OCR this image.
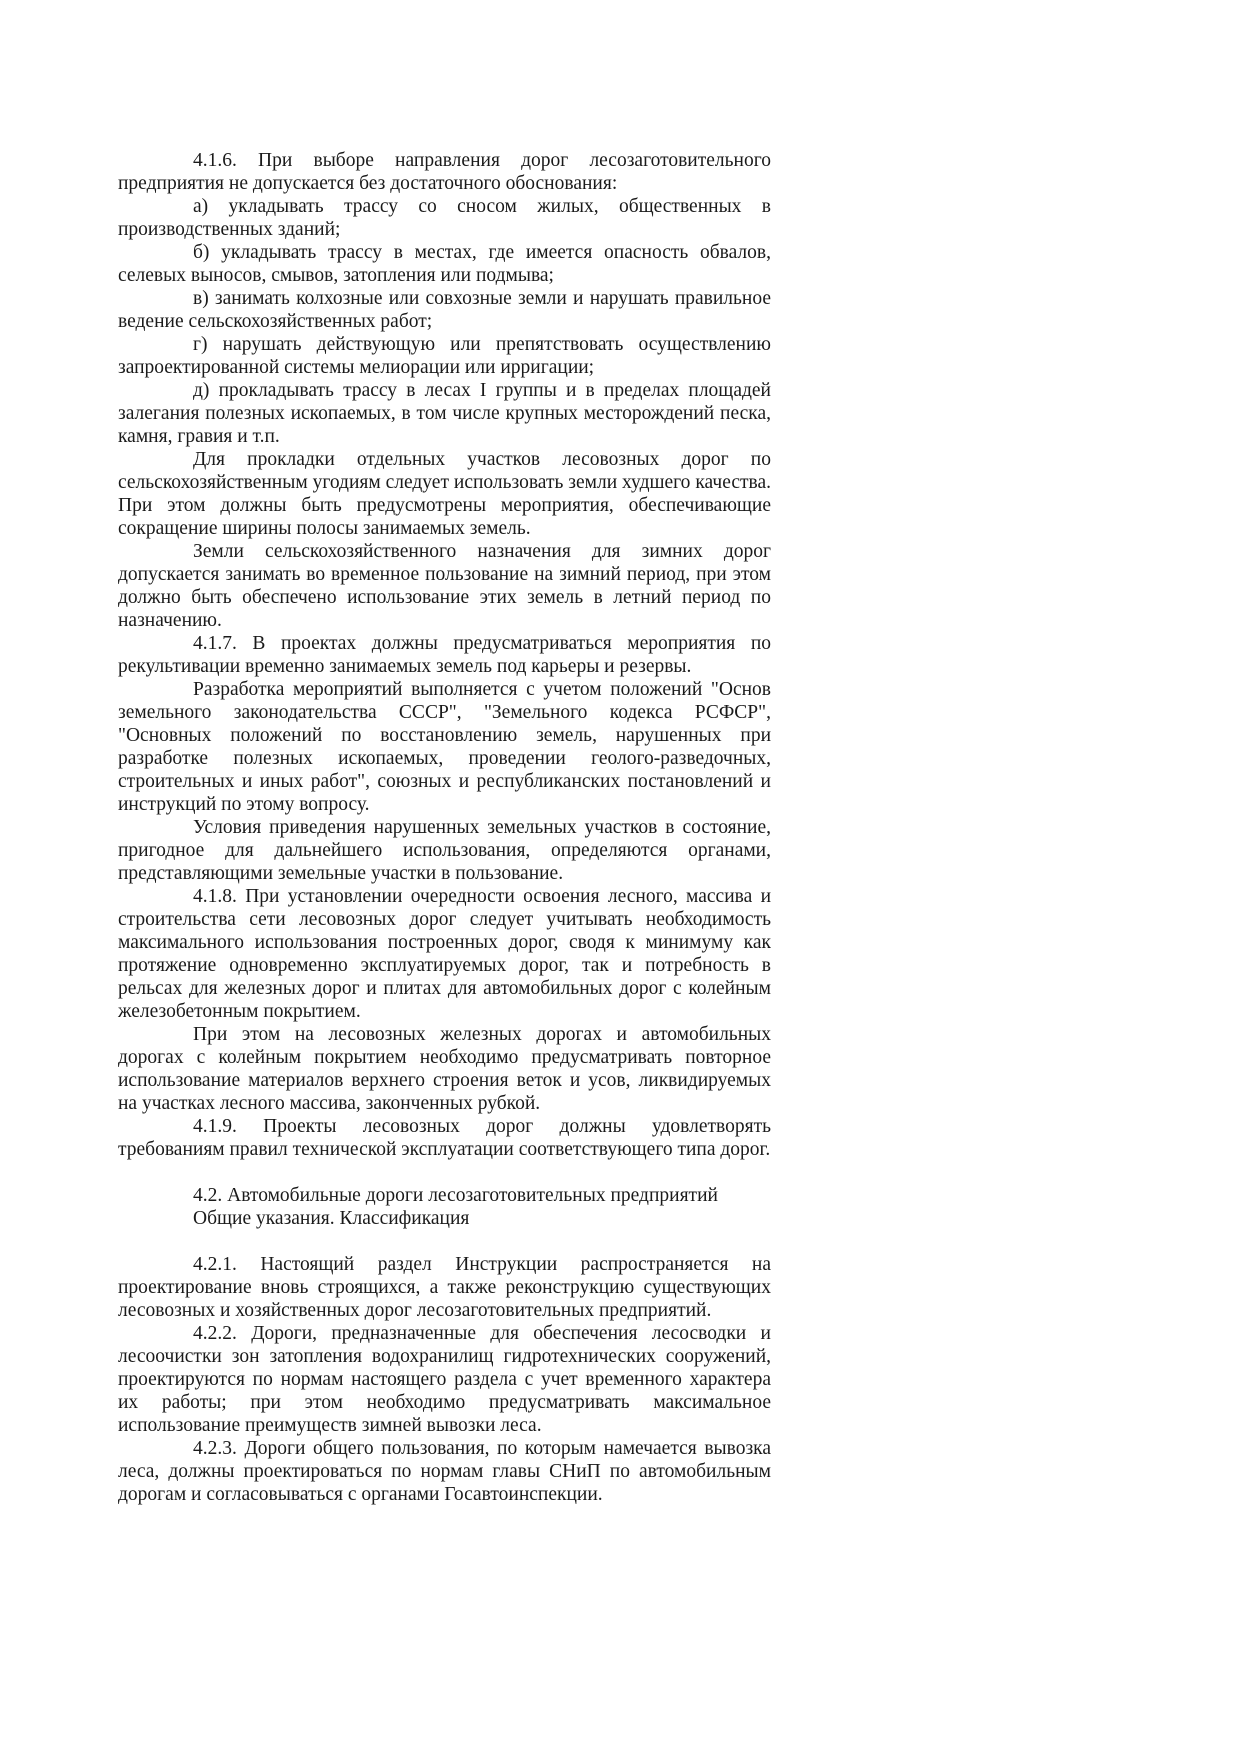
4.1.6. При выборе направления дорог лесозаготовительного предприятия не допускается без достаточного обоснования:

а) укладывать трассу со сносом жилых, общественных в производственных зданий;

б) укладывать трассу в местах, где имеется опасность обвалов, селевых выносов, смывов, затопления или подмыва;

в) занимать колхозные или совхозные земли и нарушать правильное ведение сельскохозяйственных работ;

г) нарушать действующую или препятствовать осуществлению запроектированной системы мелиорации или ирригации;

д) прокладывать трассу в лесах I группы и в пределах площадей залегания полезных ископаемых, в том числе крупных месторождений песка, камня, гравия и т.п.

Для прокладки отдельных участков лесовозных дорог по сельскохозяйственным угодиям следует использовать земли худшего качества. При этом должны быть предусмотрены мероприятия, обеспечивающие сокращение ширины полосы занимаемых земель.

Земли сельскохозяйственного назначения для зимних дорог допускается занимать во временное пользование на зимний период, при этом должно быть обеспечено использование этих земель в летний период по назначению.

4.1.7. В проектах должны предусматриваться мероприятия по рекультивации временно занимаемых земель под карьеры и резервы.

Разработка мероприятий выполняется с учетом положений "Основ земельного законодательства СССР", "Земельного кодекса РСФСР", "Основных положений по восстановлению земель, нарушенных при разработке полезных ископаемых, проведении геолого-разведочных, строительных и иных работ", союзных и республиканских постановлений и инструкций по этому вопросу.

Условия приведения нарушенных земельных участков в состояние, пригодное для дальнейшего использования, определяются органами, представляющими земельные участки в пользование.

4.1.8. При установлении очередности освоения лесного, массива и строительства сети лесовозных дорог следует учитывать необходимость максимального использования построенных дорог, сводя к минимуму как протяжение одновременно эксплуатируемых дорог, так и потребность в рельсах для железных дорог и плитах для автомобильных дорог с колейным железобетонным покрытием.

При этом на лесовозных железных дорогах и автомобильных дорогах с колейным покрытием необходимо предусматривать повторное использование материалов верхнего строения веток и усов, ликвидируемых на участках лесного массива, законченных рубкой.

4.1.9. Проекты лесовозных дорог должны удовлетворять требованиям правил технической эксплуатации соответствующего типа дорог.

4.2. Автомобильные дороги лесозаготовительных предприятий
Общие указания. Классификация

4.2.1. Настоящий раздел Инструкции распространяется на проектирование вновь строящихся, а также реконструкцию существующих лесовозных и хозяйственных дорог лесозаготовительных предприятий.

4.2.2. Дороги, предназначенные для обеспечения лесосводки и лесоочистки зон затопления водохранилищ гидротехнических сооружений, проектируются по нормам настоящего раздела с учет временного характера их работы; при этом необходимо предусматривать максимальное использование преимуществ зимней вывозки леса.

4.2.3. Дороги общего пользования, по которым намечается вывозка леса, должны проектироваться по нормам главы СНиП по автомобильным дорогам и согласовываться с органами Госавтоинспекции.
